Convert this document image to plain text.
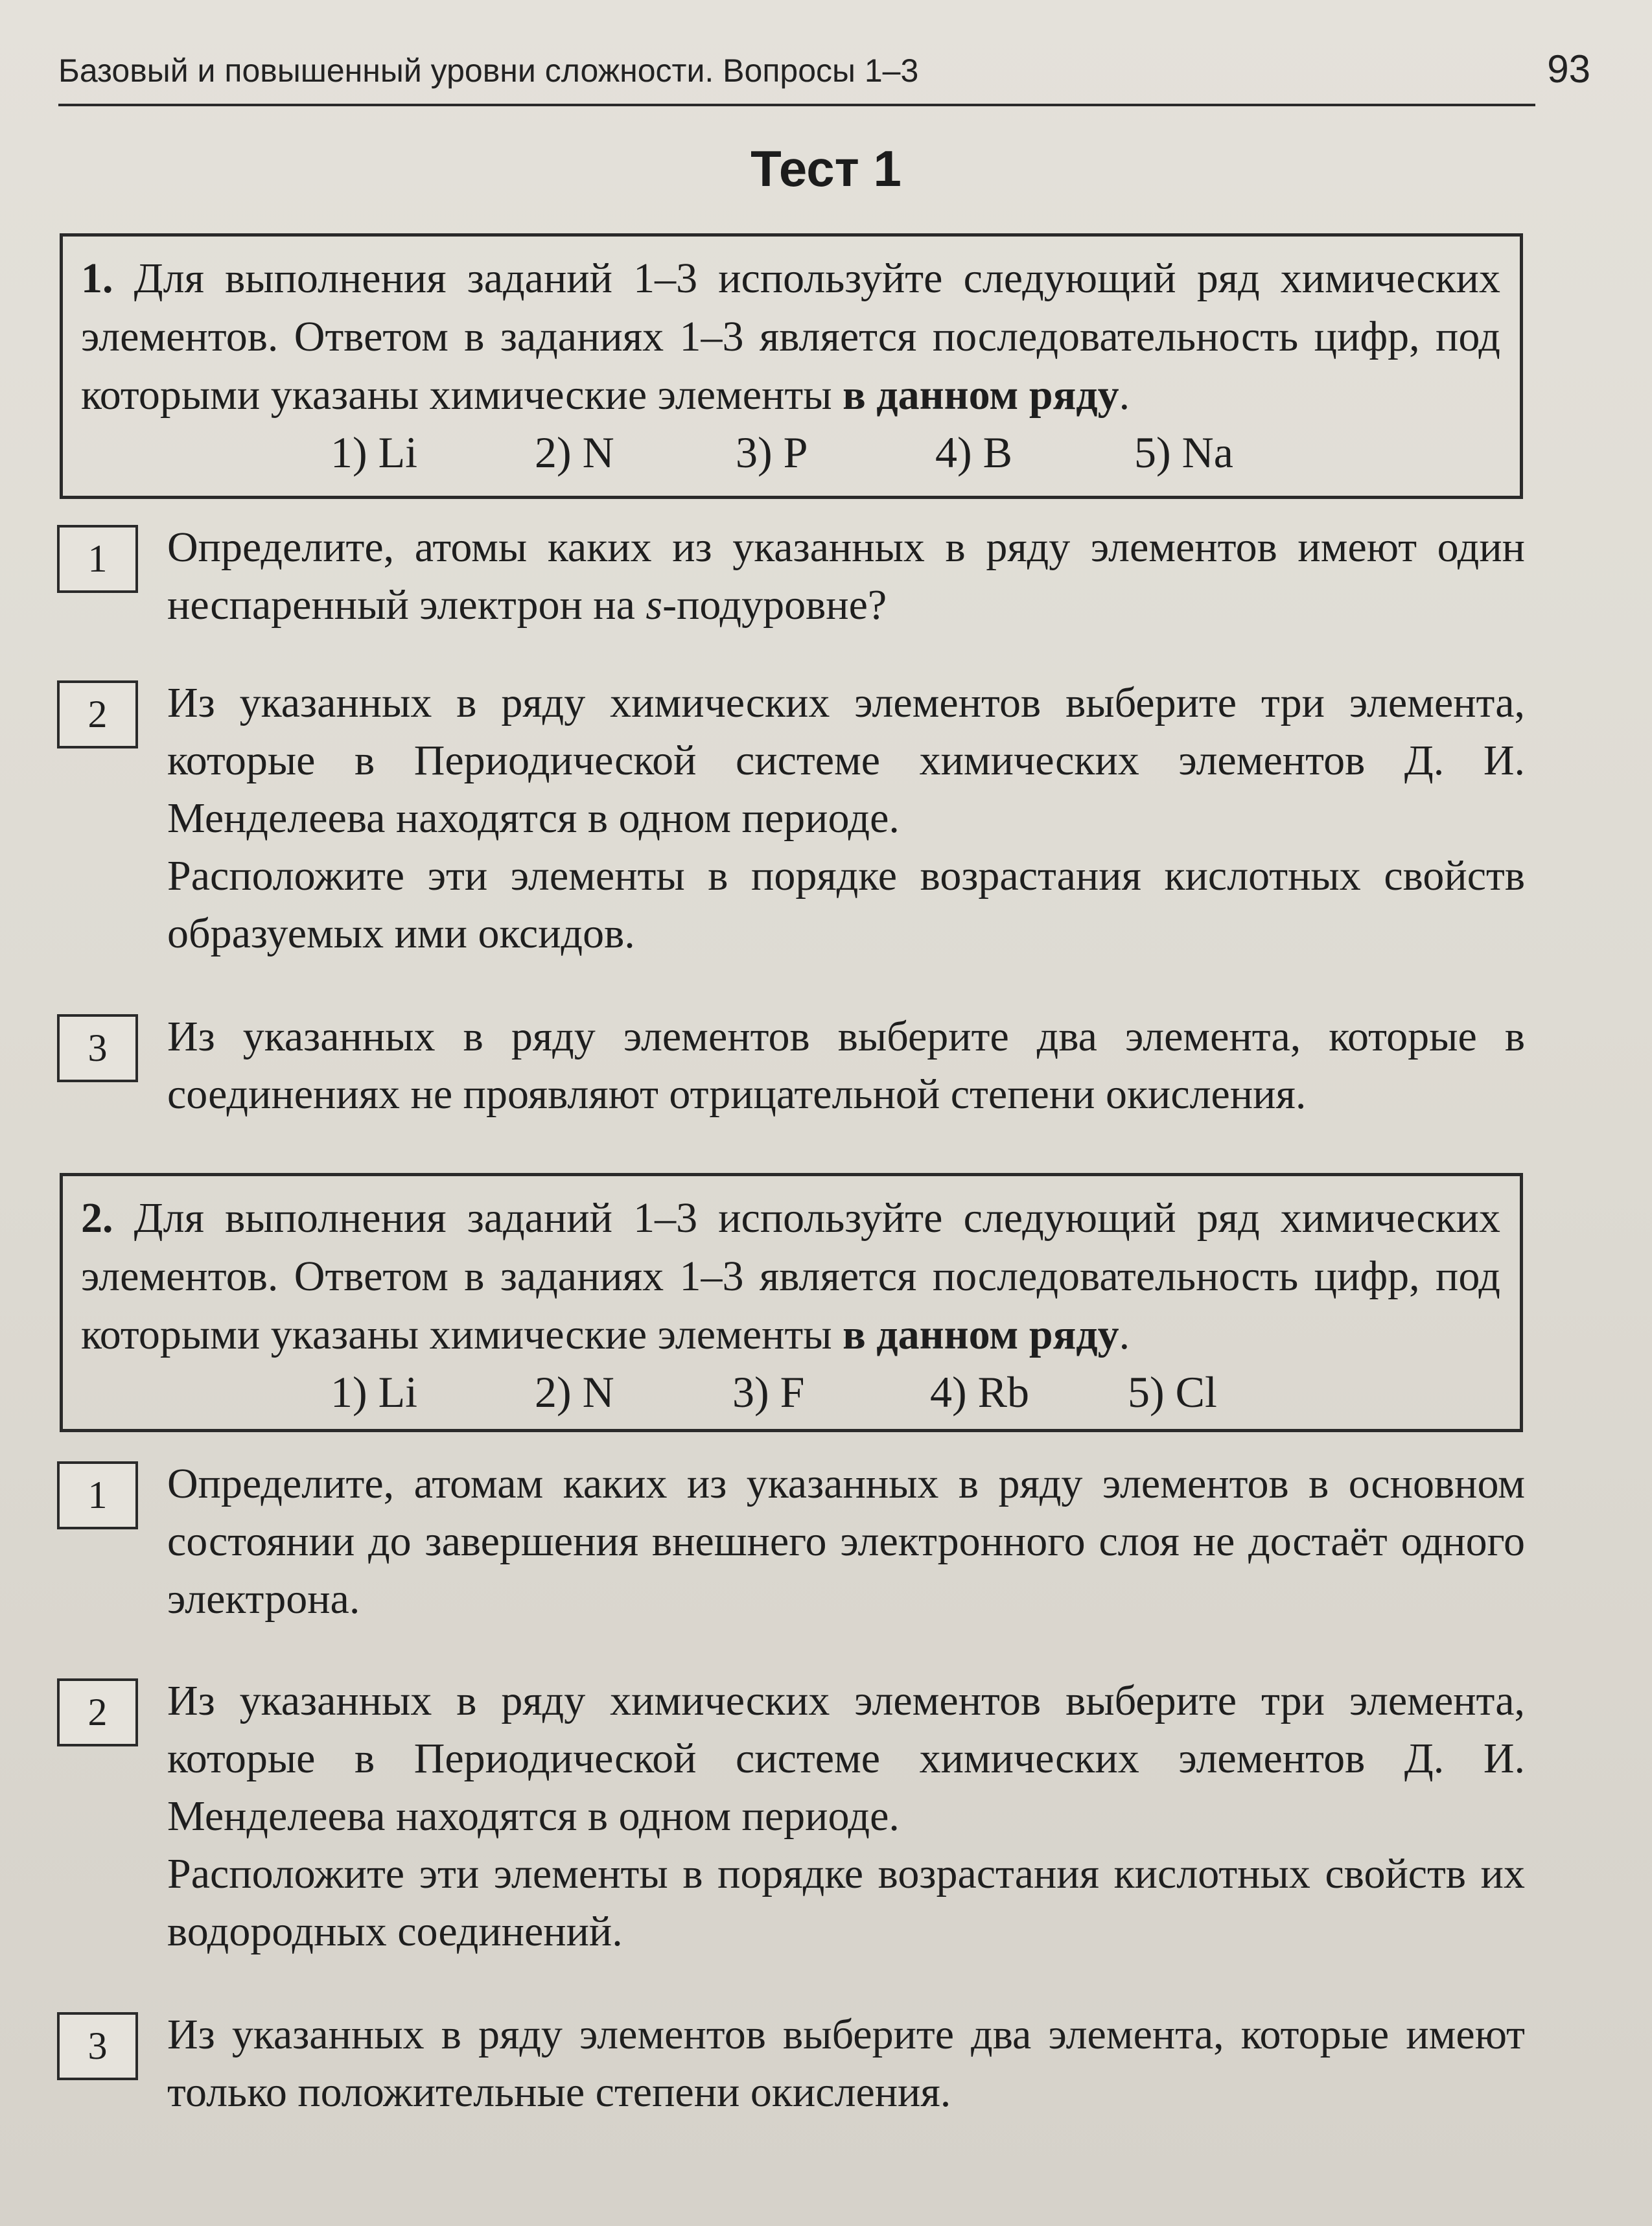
Базовый и повышенный уровни сложности. Вопросы 1–3	93
Тест 1
1. Для выполнения заданий 1–3 используйте следующий ряд химических элементов. Ответом в заданиях 1–3 является последовательность цифр, под которыми указаны химические элементы в данном ряду.
1) Li	2) N	3) P	4) B	5) Na
1	Определите, атомы каких из указанных в ряду элементов имеют один неспаренный электрон на s-подуровне?
2	Из указанных в ряду химических элементов выберите три элемента, которые в Периодической системе химических элементов Д. И. Менделеева находятся в одном периоде.
Расположите эти элементы в порядке возрастания кислотных свойств образуемых ими оксидов.
3	Из указанных в ряду элементов выберите два элемента, которые в соединениях не проявляют отрицательной степени окисления.
2. Для выполнения заданий 1–3 используйте следующий ряд химических элементов. Ответом в заданиях 1–3 является последовательность цифр, под которыми указаны химические элементы в данном ряду.
1) Li	2) N	3) F	4) Rb 5) Cl
1	Определите, атомам каких из указанных в ряду элементов в основном состоянии до завершения внешнего электронного слоя не достаёт одного электрона.
2	Из указанных в ряду химических элементов выберите три элемента, которые в Периодической системе химических элементов Д. И. Менделеева находятся в одном периоде.
Расположите эти элементы в порядке возрастания кислотных свойств их водородных соединений.
3	Из указанных в ряду элементов выберите два элемента, которые имеют только положительные степени окисления.
